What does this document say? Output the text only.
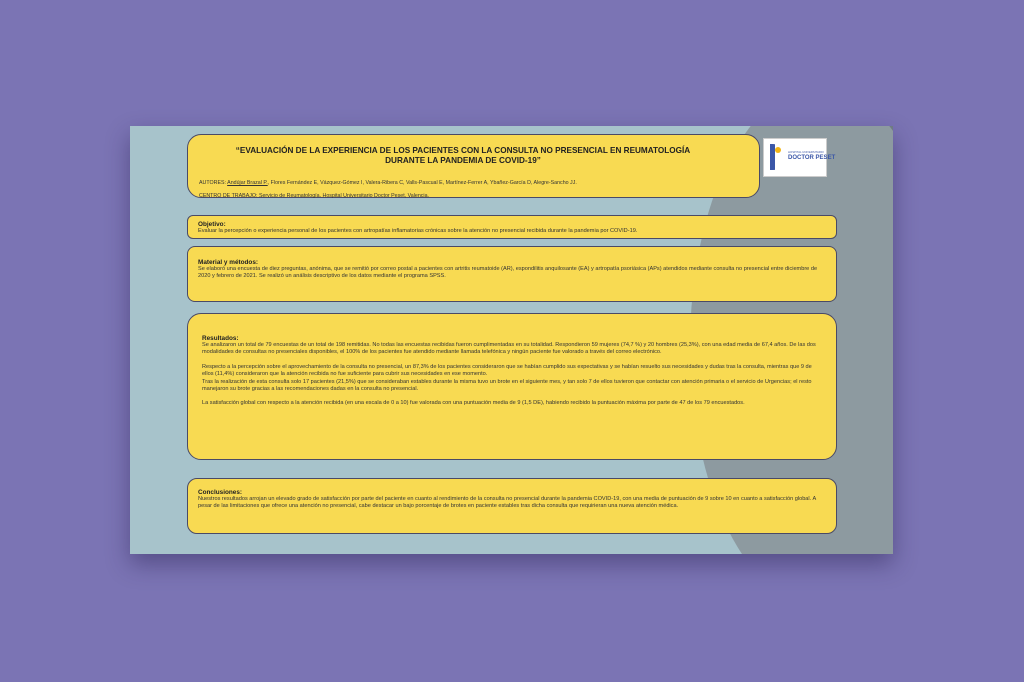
“EVALUACIÓN DE LA EXPERIENCIA DE LOS PACIENTES CON LA CONSULTA NO PRESENCIAL EN REUMATOLOGÍA
DURANTE LA PANDEMIA DE COVID-19”
AUTORES: Andújar Brazal P., Flores Fernández E, Vázquez-Gómez I, Valera-Ribera C, Valls-Pascual E, Martínez-Ferrer A, Ybañez-García D, Alegre-Sancho JJ.
CENTRO DE TRABAJO: Servicio de Reumatología. Hospital Universitario Doctor Peset, Valencia.
HOSPITAL UNIVERSITARIO
DOCTOR PESET
Objetivo:

Evaluar la percepción o experiencia personal de los pacientes con artropatías inflamatorias crónicas sobre la atención no presencial recibida durante la pandemia por COVID-19.

Material y métodos:

Se elaboró una encuesta de diez preguntas, anónima, que se remitió por correo postal a pacientes con artritis reumatoide (AR), espondilitis anquilosante (EA) y artropatía psoriásica (APs) atendidos mediante consulta no presencial entre diciembre de 2020 y febrero de 2021. Se realizó un análisis descriptivo de los datos mediante el programa SPSS.

Resultados:

Se analizaron un total de 79 encuestas de un total de 198 remitidas. No todas las encuestas recibidas fueron cumplimentadas en su totalidad. Respondieron 59 mujeres (74,7 %) y 20 hombres (25,3%), con una edad media de 67,4 años. De las dos modalidades de consultas no presenciales disponibles, el 100% de los pacientes fue atendido mediante llamada telefónica y ningún paciente fue valorado a través del correo electrónico.

Respecto a la percepción sobre el aprovechamiento de la consulta no presencial, un 87,3% de los pacientes consideraron que se habían cumplido sus expectativas y se habían resuelto sus necesidades y dudas tras la consulta, mientras que 9 de ellos (11,4%) consideraron que la atención recibida no fue suficiente para cubrir sus necesidades en ese momento.

Tras la realización de esta consulta solo 17 pacientes (21,5%) que se consideraban estables durante la misma tuvo un brote en el siguiente mes, y tan solo 7 de ellos tuvieron que contactar con atención primaria o el servicio de Urgencias; el resto manejaron su brote gracias a las recomendaciones dadas en la consulta no presencial.

La satisfacción global con respecto a la atención recibida (en una escala de 0 a 10) fue valorada con una puntuación media de 9 (1,5 DE), habiendo recibido la puntuación máxima por parte de 47 de los 79 encuestados.

Conclusiones:

Nuestros resultados arrojan un elevado grado de satisfacción por parte del paciente en cuanto al rendimiento de la consulta no presencial durante la pandemia COVID-19, con una media de puntuación de 9 sobre 10 en cuanto a satisfacción global. A pesar de las limitaciones que ofrece una atención no presencial, cabe destacar un bajo porcentaje de brotes en paciente estables tras dicha consulta que requirieran una nueva atención médica.
